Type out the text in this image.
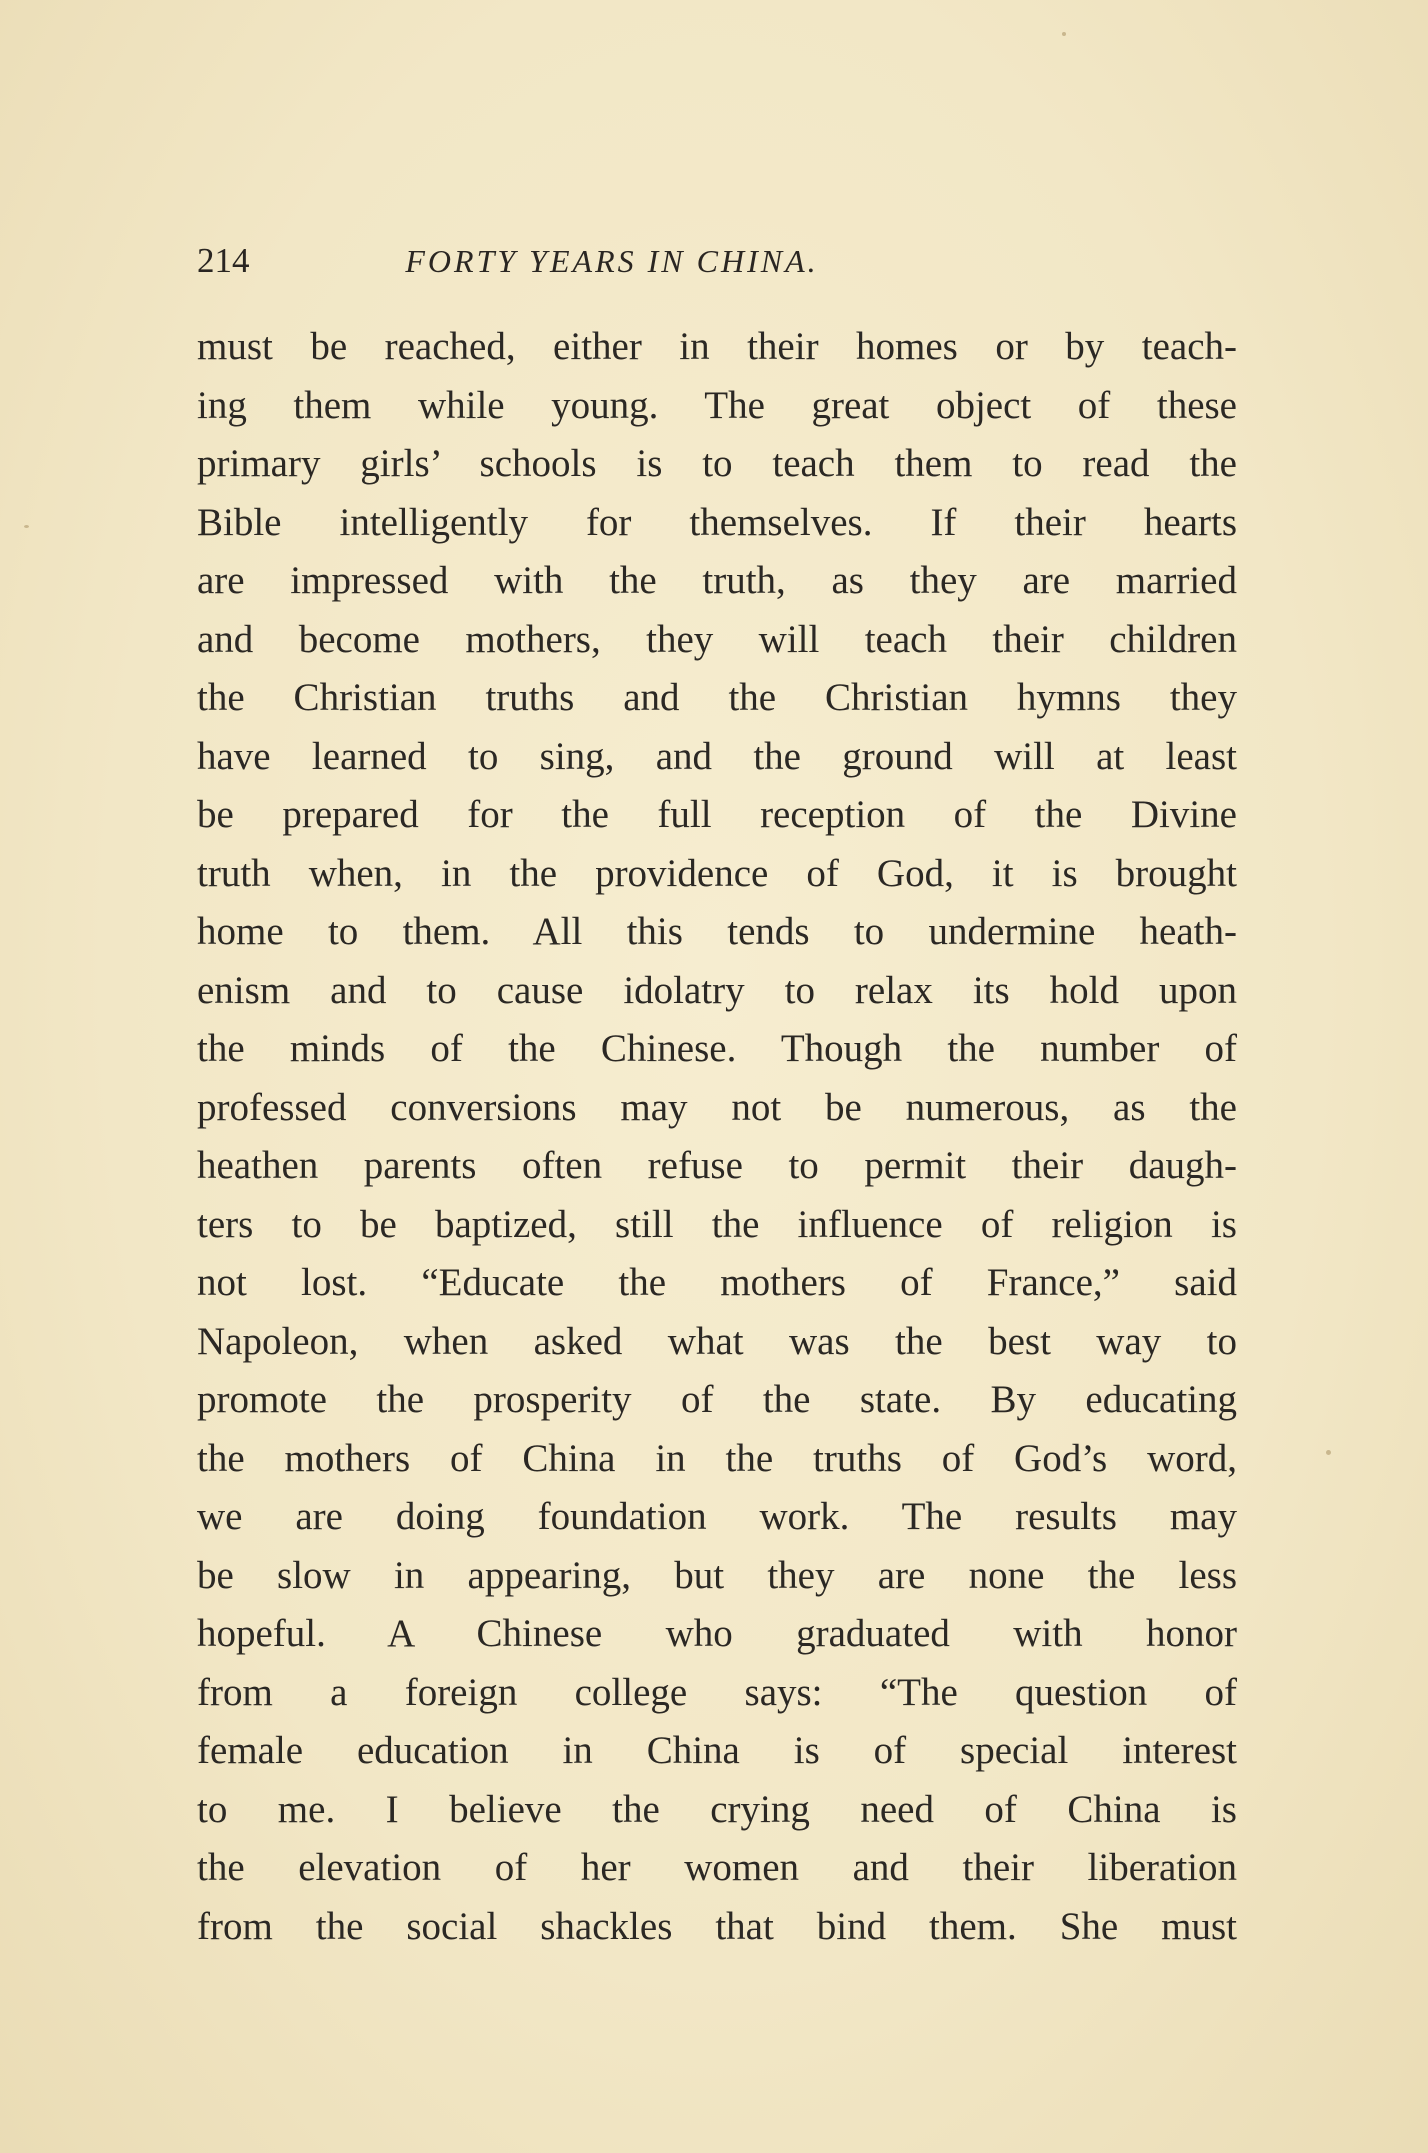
214	FORTY YEARS IN CHINA.
must be reached, either in their homes or by teach-
ing them while young. The great object of these
primary girls’ schools is to teach them to read the
Bible intelligently for themselves. If their hearts
are impressed with the truth, as they are married
and become mothers, they will teach their children
the Christian truths and the Christian hymns they
have learned to sing, and the ground will at least
be prepared for the full reception of the Divine
truth when, in the providence of God, it is brought
home to them. All this tends to undermine heath-
enism and to cause idolatry to relax its hold upon
the minds of the Chinese. Though the number of
professed conversions may not be numerous, as the
heathen parents often refuse to permit their daugh-
ters to be baptized, still the influence of religion is
not lost. “Educate the mothers of France,” said
Napoleon, when asked what was the best way to
promote the prosperity of the state. By educating
the mothers of China in the truths of God’s word,
we are doing foundation work. The results may
be slow in appearing, but they are none the less
hopeful. A Chinese who graduated with honor
from a foreign college says: “The question of
female education in China is of special interest
to me. I believe the crying need of China is
the elevation of her women and their liberation
from the social shackles that bind them. She must
